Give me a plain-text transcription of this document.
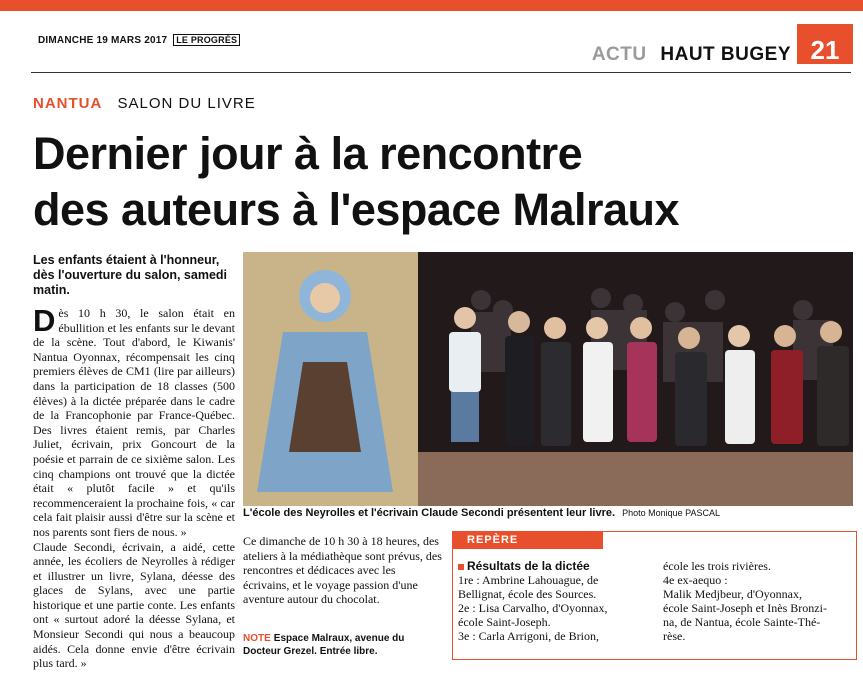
DIMANCHE 19 MARS 2017 LE PROGRÈS
ACTU HAUT BUGEY 21
NANTUA SALON DU LIVRE
Dernier jour à la rencontre
des auteurs à l'espace Malraux

Les enfants étaient à l'honneur, dès l'ouverture du salon, samedi matin.

Dès 10 h 30, le salon était en ébullition et les enfants sur le devant de la scène. Tout d'abord, le Kiwanis' Nantua Oyonnax, récompensait les cinq premiers élèves de CM1 (lire par ailleurs) dans la participation de 18 classes (500 élèves) à la dictée préparée dans le cadre de la Francophonie par France-Québec. Des livres étaient remis, par Charles Juliet, écrivain, prix Goncourt de la poésie et parrain de ce sixième salon. Les cinq champions ont trouvé que la dictée était « plutôt facile » et qu'ils recommenceraient la prochaine fois, « car cela fait plaisir aussi d'être sur la scène et nos parents sont fiers de nous. »

Claude Secondi, écrivain, a aidé, cette année, les écoliers de Neyrolles à rédiger et illustrer un livre, Sylana, déesse des glaces de Sylans, avec une partie historique et une partie conte. Les enfants ont « surtout adoré la déesse Sylana, et Monsieur Secondi qui nous a beaucoup aidés. Cela donne envie d'être écrivain plus tard. »

L'école des Neyrolles et l'écrivain Claude Secondi présentent leur livre. Photo Monique PASCAL

Ce dimanche de 10 h 30 à 18 heures, des ateliers à la médiathèque sont prévus, des rencontres et dédicaces avec les écrivains, et le voyage passion d'une aventure autour du chocolat.

NOTE Espace Malraux, avenue du Docteur Grezel. Entrée libre.
REPÈRE

Résultats de la dictée

1re : Ambrine Lahouague, de

Bellignat, école des Sources.

2e : Lisa Carvalho, d'Oyonnax,

école Saint-Joseph.

3e : Carla Arrigoni, de Brion,

école les trois rivières.

4e ex-aequo :

Malik Medjbeur, d'Oyonnax,

école Saint-Joseph et Inès Bronzi-

na, de Nantua, école Sainte-Thé-

rèse.
